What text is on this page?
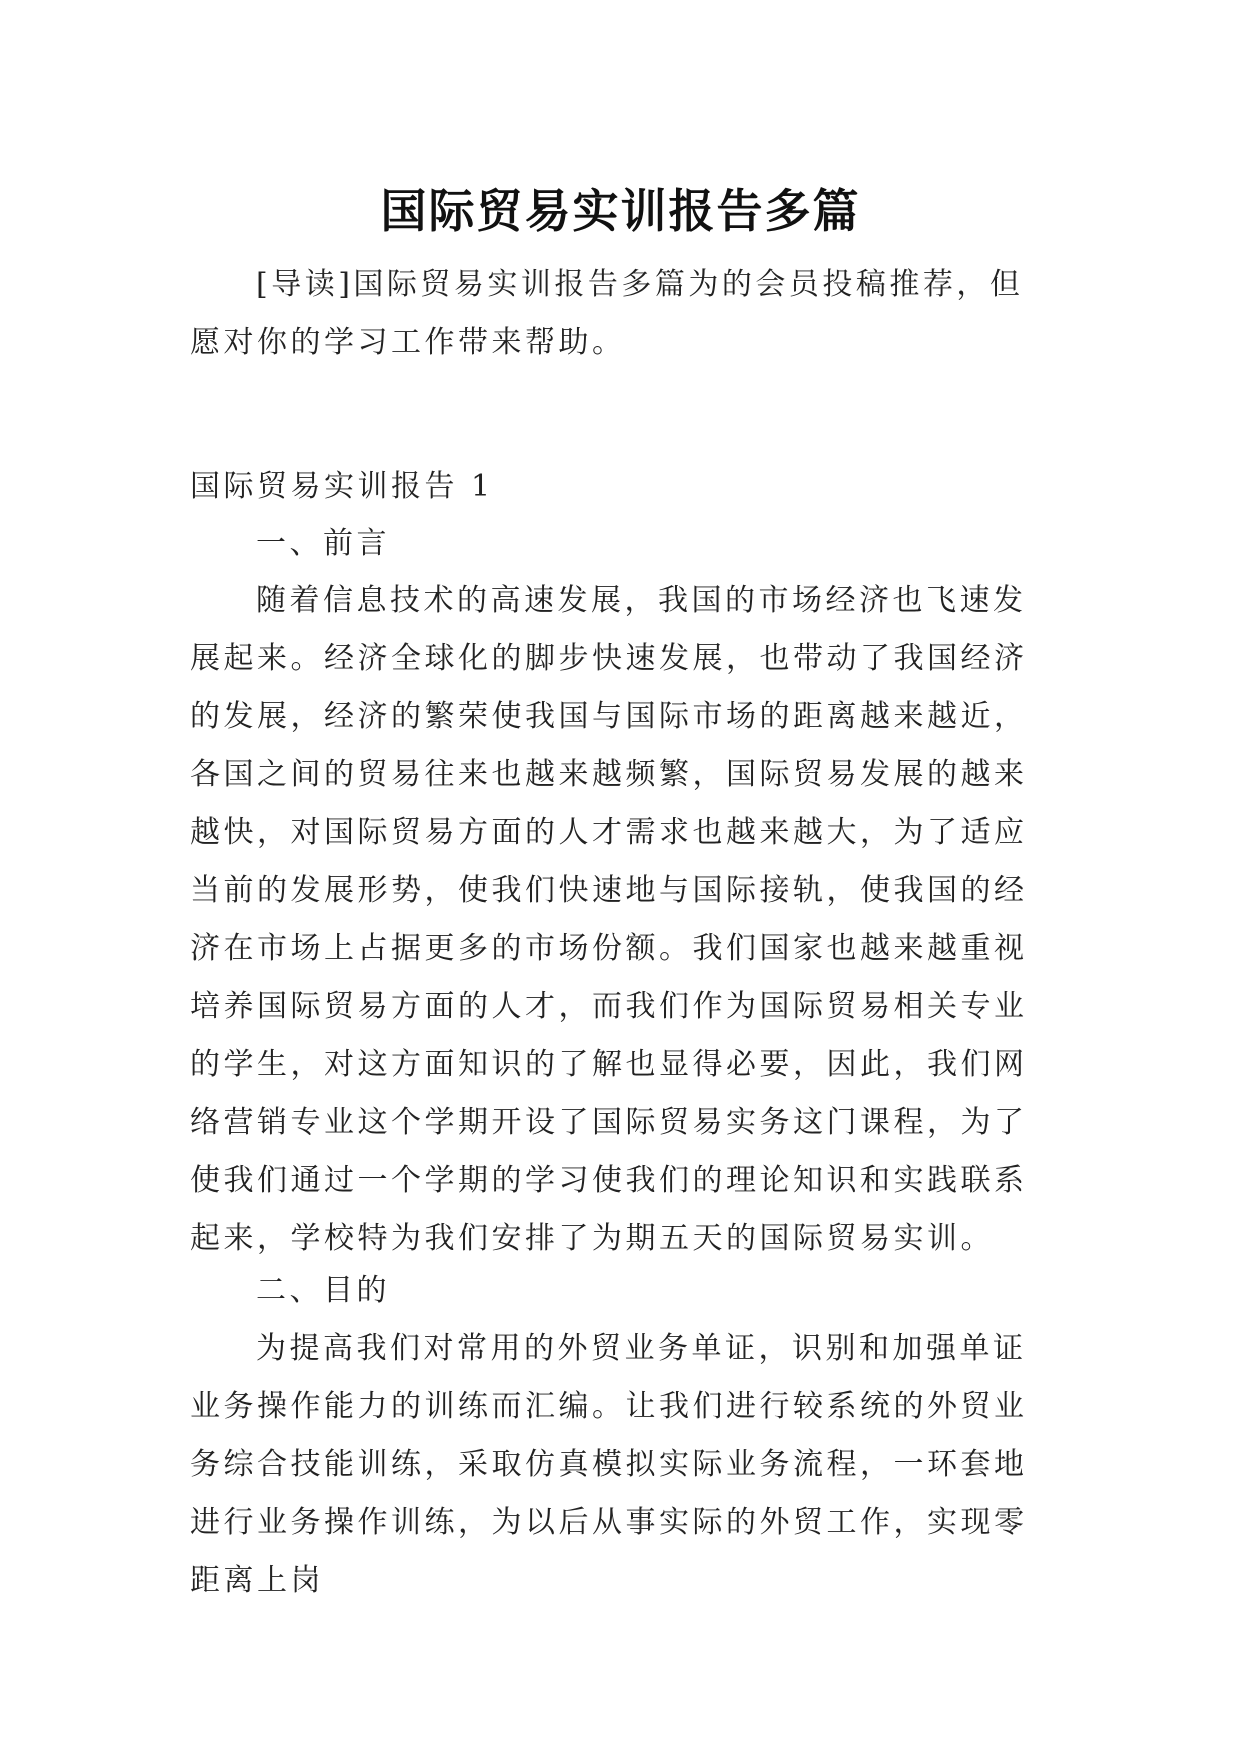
国际贸易实训报告多篇

[导读]国际贸易实训报告多篇为的会员投稿推荐，但愿对你的学习工作带来帮助。

国际贸易实训报告 1

一、前言

随着信息技术的高速发展，我国的市场经济也飞速发展起来。经济全球化的脚步快速发展，也带动了我国经济的发展，经济的繁荣使我国与国际市场的距离越来越近，各国之间的贸易往来也越来越频繁，国际贸易发展的越来越快，对国际贸易方面的人才需求也越来越大，为了适应当前的发展形势，使我们快速地与国际接轨，使我国的经济在市场上占据更多的市场份额。我们国家也越来越重视培养国际贸易方面的人才，而我们作为国际贸易相关专业的学生，对这方面知识的了解也显得必要，因此，我们网络营销专业这个学期开设了国际贸易实务这门课程，为了使我们通过一个学期的学习使我们的理论知识和实践联系起来，学校特为我们安排了为期五天的国际贸易实训。

二、目的

为提高我们对常用的外贸业务单证，识别和加强单证业务操作能力的训练而汇编。让我们进行较系统的外贸业务综合技能训练，采取仿真模拟实际业务流程，一环套地进行业务操作训练，为以后从事实际的外贸工作，实现零距离上岗
